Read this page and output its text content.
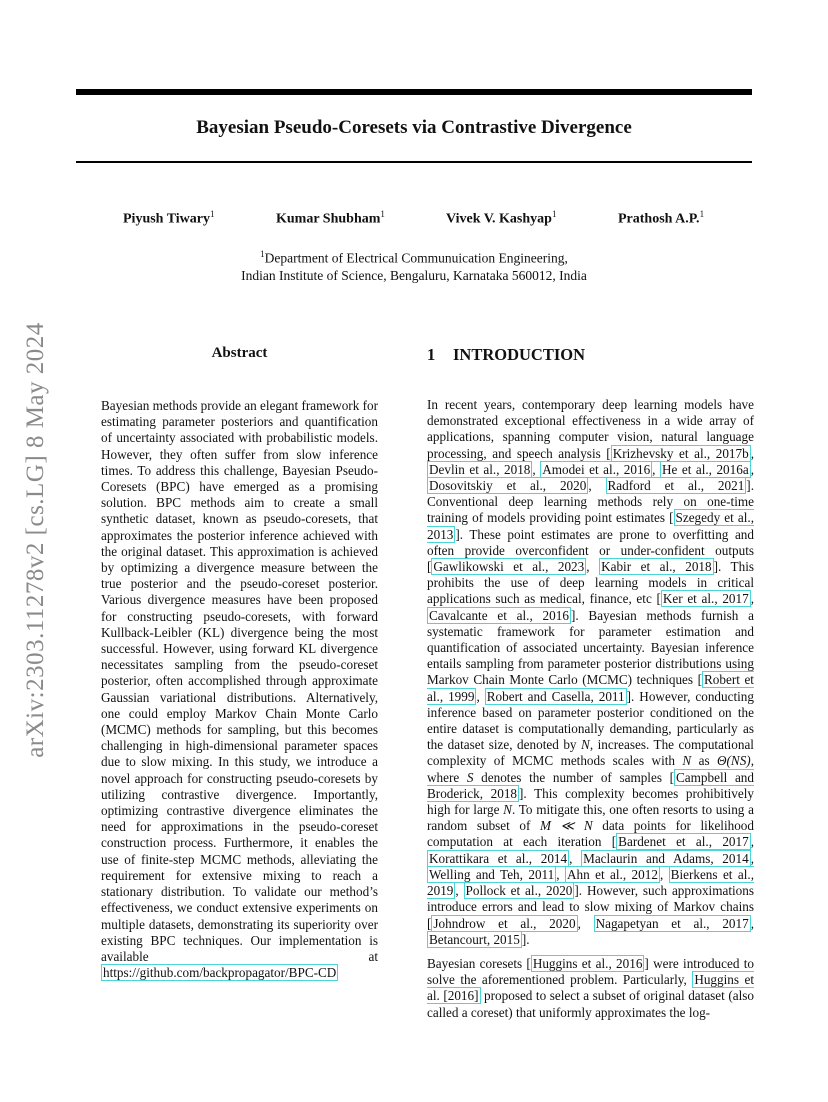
arXiv:2303.11278v2 [cs.LG] 8 May 2024
Bayesian Pseudo-Coresets via Contrastive Divergence
Piyush Tiwary$^1$	Kumar Shubham$^1$	Vivek V. Kashyap$^1$	Prathosh A.P.$^1$
$^1$Department of Electrical Communuication Engineering,
Indian Institute of Science, Bengaluru, Karnataka 560012, India
Abstract

Bayesian methods provide an elegant framework for estimating parameter posteriors and quantification of uncertainty associated with probabilistic models. However, they often suffer from slow inference times. To address this challenge, Bayesian Pseudo-Coresets (BPC) have emerged as a promising solution. BPC methods aim to create a small synthetic dataset, known as pseudo-coresets, that approximates the posterior inference achieved with the original dataset. This approximation is achieved by optimizing a divergence measure between the true posterior and the pseudo-coreset posterior. Various divergence measures have been proposed for constructing pseudo-coresets, with forward Kullback-Leibler (KL) divergence being the most successful. However, using forward KL divergence necessitates sampling from the pseudo-coreset posterior, often accomplished through approximate Gaussian variational distributions. Alternatively, one could employ Markov Chain Monte Carlo (MCMC) methods for sampling, but this becomes challenging in high-dimensional parameter spaces due to slow mixing. In this study, we introduce a novel approach for constructing pseudo-coresets by utilizing contrastive divergence. Importantly, optimizing contrastive divergence eliminates the need for approximations in the pseudo-coreset construction process. Furthermore, it enables the use of finite-step MCMC methods, alleviating the requirement for extensive mixing to reach a stationary distribution. To validate our method’s effectiveness, we conduct extensive experiments on multiple datasets, demonstrating its superiority over existing BPC techniques. Our implementation is available at https://github.com/backpropagator/BPC-CD

1 INTRODUCTION

In recent years, contemporary deep learning models have demonstrated exceptional effectiveness in a wide array of applications, spanning computer vision, natural language processing, and speech analysis [ Krizhevsky et al., 2017b , Devlin et al., 2018 , Amodei et al., 2016 , He et al., 2016a , Dosovitskiy et al., 2020 , Radford et al., 2021 ]. Conventional deep learning methods rely on one-time training of models providing point estimates [ Szegedy et al., 2013 ]. These point estimates are prone to overfitting and often provide overconfident or under-confident outputs [ Gawlikowski et al., 2023 , Kabir et al., 2018 ]. This prohibits the use of deep learning models in critical applications such as medical, finance, etc [ Ker et al., 2017 , Cavalcante et al., 2016 ]. Bayesian methods furnish a systematic framework for parameter estimation and quantification of associated uncertainty. Bayesian inference entails sampling from parameter posterior distributions using Markov Chain Monte Carlo (MCMC) techniques [ Robert et al., 1999 , Robert and Casella, 2011 ]. However, conducting inference based on parameter posterior conditioned on the entire dataset is computationally demanding, particularly as the dataset size, denoted by N, increases. The computational complexity of MCMC methods scales with N as Θ(NS), where S denotes the number of samples [ Campbell and Broderick, 2018 ]. This complexity becomes prohibitively high for large N. To mitigate this, one often resorts to using a random subset of M ≪ N data points for likelihood computation at each iteration [ Bardenet et al., 2017 , Korattikara et al., 2014 , Maclaurin and Adams, 2014 , Welling and Teh, 2011 , Ahn et al., 2012 , Bierkens et al., 2019 , Pollock et al., 2020 ]. However, such approximations introduce errors and lead to slow mixing of Markov chains [ Johndrow et al., 2020 , Nagapetyan et al., 2017 , Betancourt, 2015 ].

Bayesian coresets [ Huggins et al., 2016 ] were introduced to solve the aforementioned problem. Particularly, Huggins et al. [2016] proposed to select a subset of original dataset (also called a coreset) that uniformly approximates the log-
